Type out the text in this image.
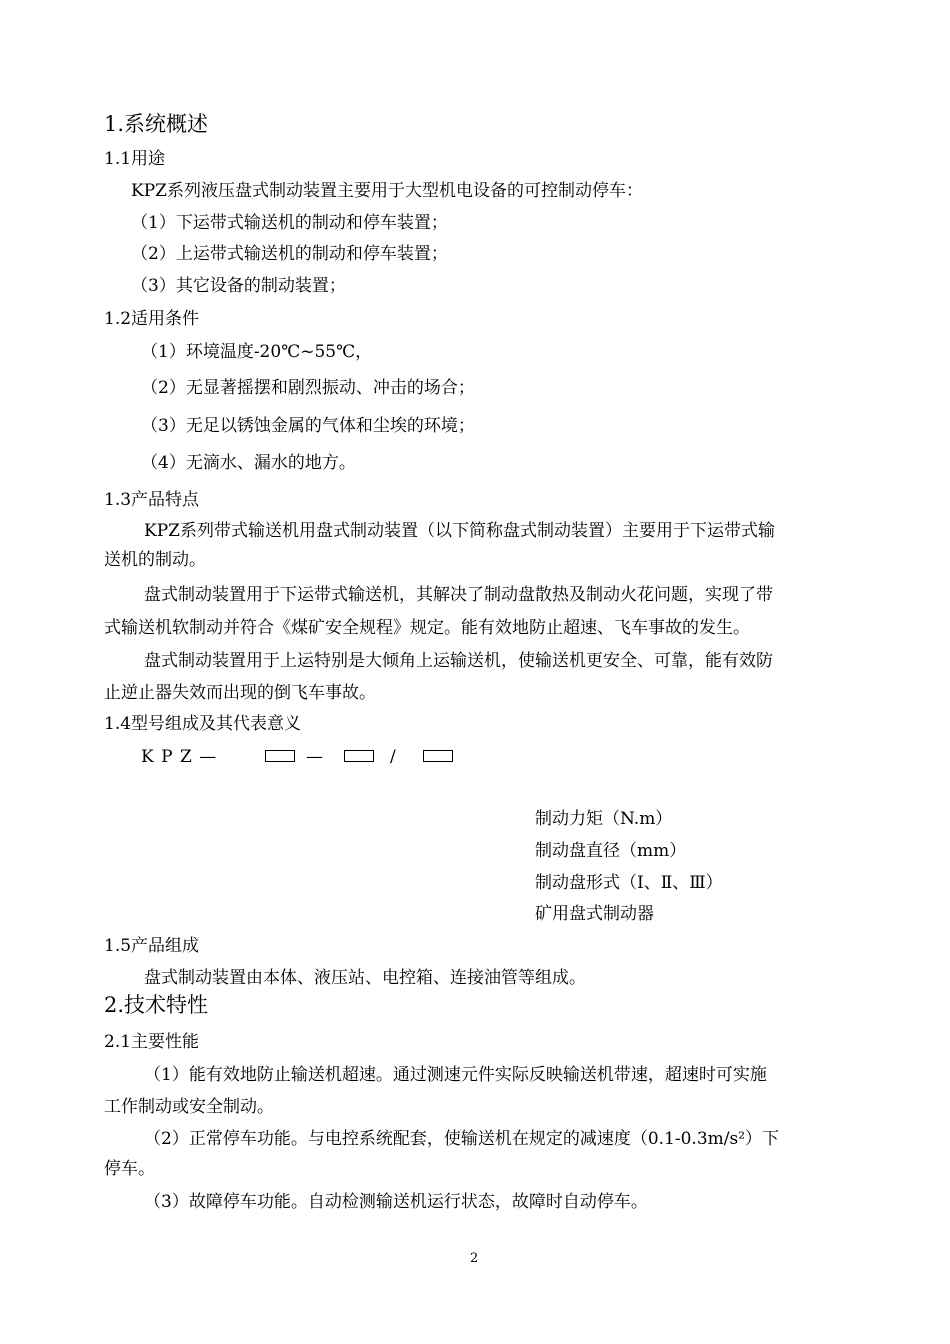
1.系统概述
1.1用途
KPZ系列液压盘式制动装置主要用于大型机电设备的可控制动停车：
（1）下运带式输送机的制动和停车装置；
（2）上运带式输送机的制动和停车装置；
（3）其它设备的制动装置；
1.2适用条件
（1）环境温度-20℃~55℃，
（2）无显著摇摆和剧烈振动、冲击的场合；
（3）无足以锈蚀金属的气体和尘埃的环境；
（4）无滴水、漏水的地方。
1.3产品特点
KPZ系列带式输送机用盘式制动装置（以下简称盘式制动装置）主要用于下运带式输
送机的制动。
盘式制动装置用于下运带式输送机，其解决了制动盘散热及制动火花问题，实现了带
式输送机软制动并符合《煤矿安全规程》规定。能有效地防止超速、飞车事故的发生。
盘式制动装置用于上运特别是大倾角上运输送机，使输送机更安全、可靠，能有效防
止逆止器失效而出现的倒飞车事故。
1.4型号组成及其代表意义
K P Z —	—	/
制动力矩（N.m）
制动盘直径（mm）
制动盘形式（Ⅰ、Ⅱ、Ⅲ）
矿用盘式制动器
1.5产品组成
盘式制动装置由本体、液压站、电控箱、连接油管等组成。
2.技术特性
2.1主要性能
（1）能有效地防止输送机超速。通过测速元件实际反映输送机带速，超速时可实施
工作制动或安全制动。
（2）正常停车功能。与电控系统配套，使输送机在规定的减速度（0.1-0.3m/s²）下
停车。
（3）故障停车功能。自动检测输送机运行状态，故障时自动停车。
2
